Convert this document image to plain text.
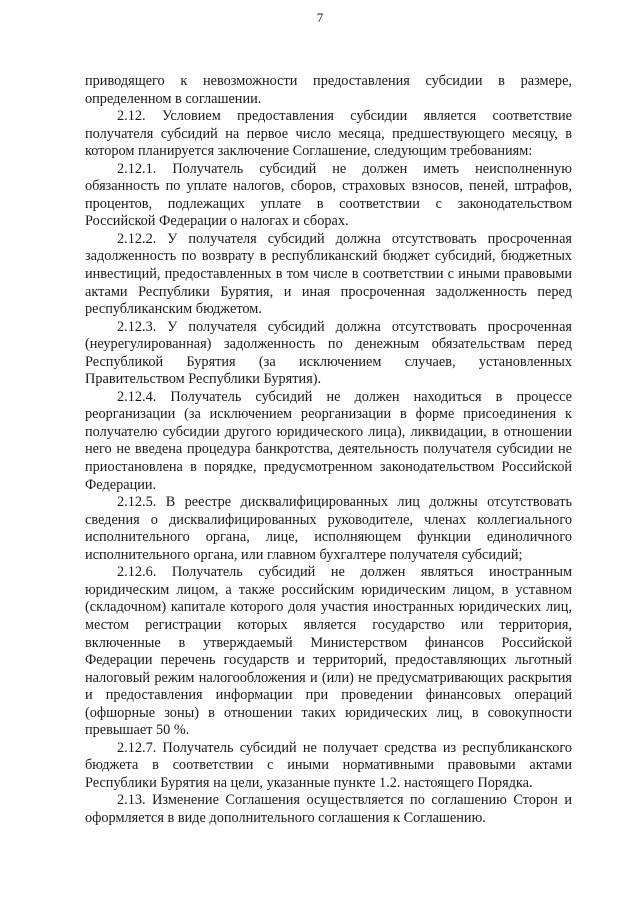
7

приводящего к невозможности предоставления субсидии в размере, определенном в соглашении.

2.12. Условием предоставления субсидии является соответствие получателя субсидий на первое число месяца, предшествующего месяцу, в котором планируется заключение Соглашение, следующим требованиям:

2.12.1. Получатель субсидий не должен иметь неисполненную обязанность по уплате налогов, сборов, страховых взносов, пеней, штрафов, процентов, подлежащих уплате в соответствии с законодательством Российской Федерации о налогах и сборах.

2.12.2. У получателя субсидий должна отсутствовать просроченная задолженность по возврату в республиканский бюджет субсидий, бюджетных инвестиций, предоставленных в том числе в соответствии с иными правовыми актами Республики Бурятия, и иная просроченная задолженность перед республиканским бюджетом.

2.12.3. У получателя субсидий должна отсутствовать просроченная (неурегулированная) задолженность по денежным обязательствам перед Республикой Бурятия (за исключением случаев, установленных Правительством Республики Бурятия).

2.12.4. Получатель субсидий не должен находиться в процессе реорганизации (за исключением реорганизации в форме присоединения к получателю субсидии другого юридического лица), ликвидации, в отношении него не введена процедура банкротства, деятельность получателя субсидии не приостановлена в порядке, предусмотренном законодательством Российской Федерации.

2.12.5. В реестре дисквалифицированных лиц должны отсутствовать сведения о дисквалифицированных руководителе, членах коллегиального исполнительного органа, лице, исполняющем функции единоличного исполнительного органа, или главном бухгалтере получателя субсидий;

2.12.6. Получатель субсидий не должен являться иностранным юридическим лицом, а также российским юридическим лицом, в уставном (складочном) капитале которого доля участия иностранных юридических лиц, местом регистрации которых является государство или территория, включенные в утверждаемый Министерством финансов Российской Федерации перечень государств и территорий, предоставляющих льготный налоговый режим налогообложения и (или) не предусматривающих раскрытия и предоставления информации при проведении финансовых операций (офшорные зоны) в отношении таких юридических лиц, в совокупности превышает 50 %.

2.12.7. Получатель субсидий не получает средства из республиканского бюджета в соответствии с иными нормативными правовыми актами Республики Бурятия на цели, указанные пункте 1.2. настоящего Порядка.

2.13. Изменение Соглашения осуществляется по соглашению Сторон и оформляется в виде дополнительного соглашения к Соглашению.
